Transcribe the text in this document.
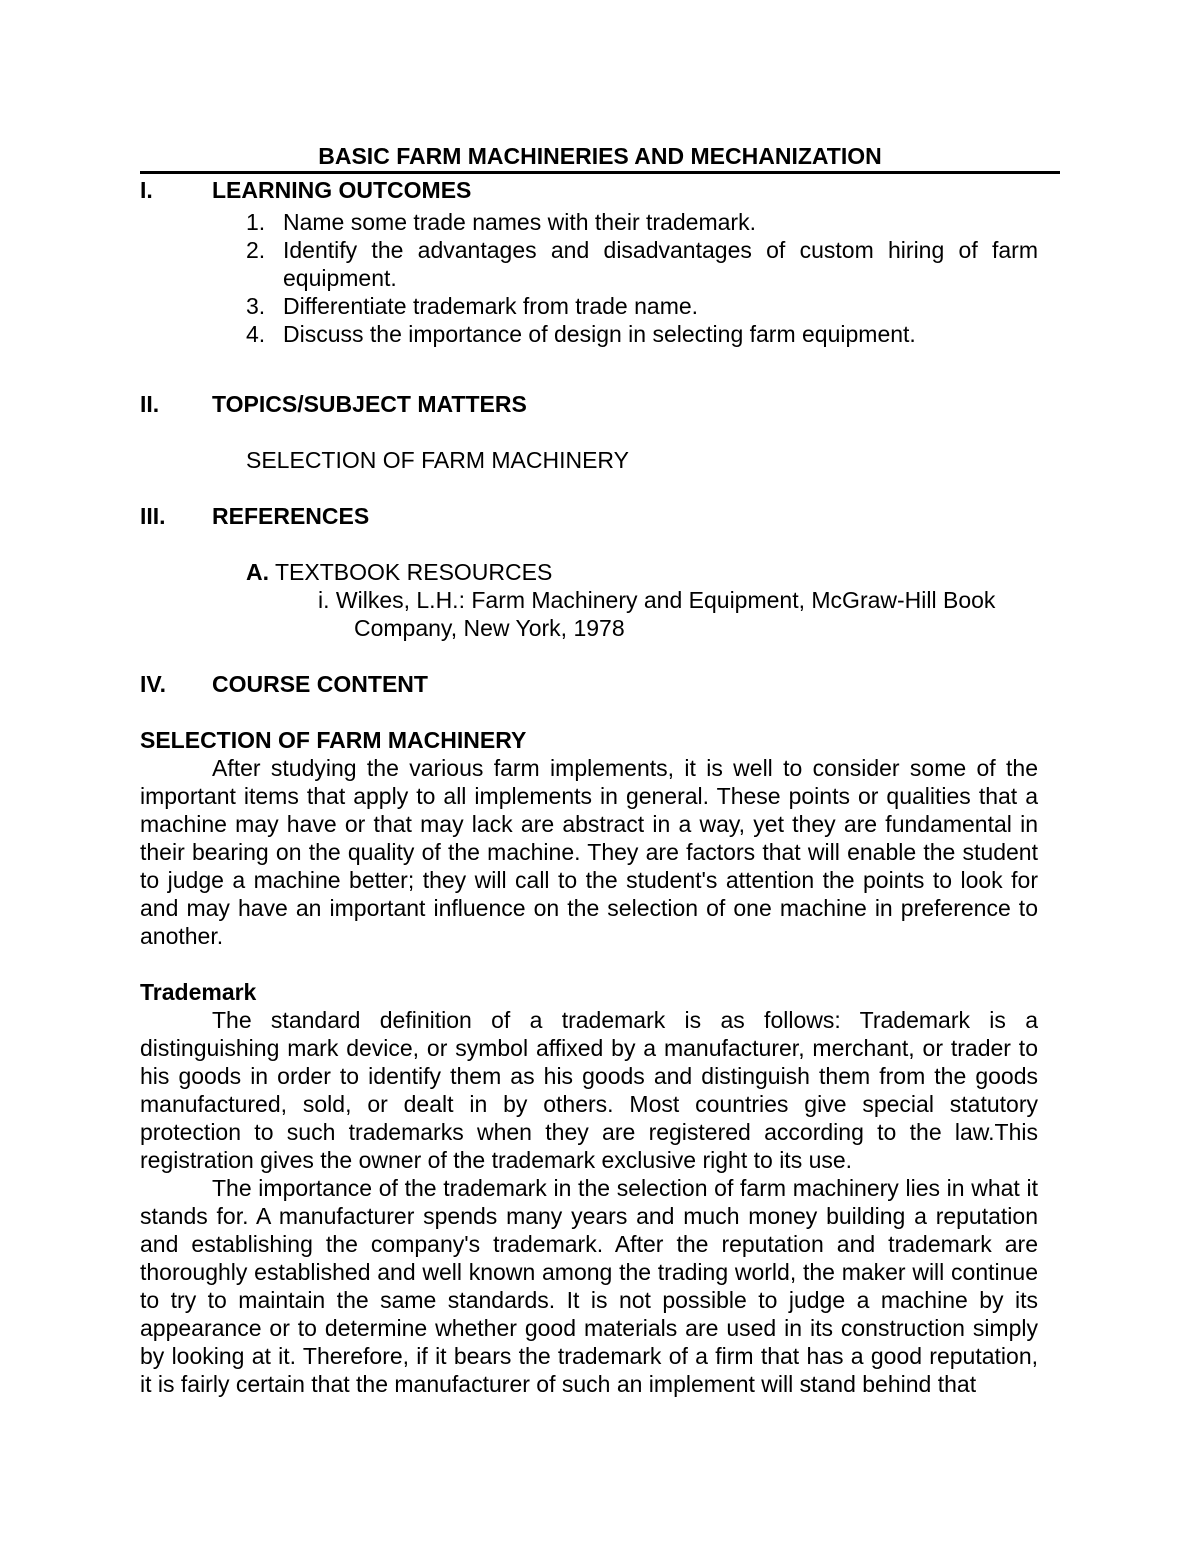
BASIC FARM MACHINERIES AND MECHANIZATION
I.	LEARNING OUTCOMES
1. Name some trade names with their trademark.
2. Identify the advantages and disadvantages of custom hiring of farm equipment.
3. Differentiate trademark from trade name.
4. Discuss the importance of design in selecting farm equipment.
II. TOPICS/SUBJECT MATTERS
SELECTION OF FARM MACHINERY
III. REFERENCES
A. TEXTBOOK RESOURCES
i. Wilkes, L.H.: Farm Machinery and Equipment, McGraw-Hill Book
Company, New York, 1978
IV. COURSE CONTENT
SELECTION OF FARM MACHINERY

After studying the various farm implements, it is well to consider some of the important items that apply to all implements in general. These points or qualities that a machine may have or that may lack are abstract in a way, yet they are fundamental in their bearing on the quality of the machine. They are factors that will enable the student to judge a machine better; they will call to the student's attention the points to look for and may have an important influence on the selection of one machine in preference to another.

Trademark

The standard definition of a trademark is as follows: Trademark is a distinguishing mark device, or symbol affixed by a manufacturer, merchant, or trader to his goods in order to identify them as his goods and distinguish them from the goods manufactured, sold, or dealt in by others. Most countries give special statutory protection to such trademarks when they are registered according to the law.This registration gives the owner of the trademark exclusive right to its use.

The importance of the trademark in the selection of farm machinery lies in what it stands for. A manufacturer spends many years and much money building a reputation and establishing the company's trademark. After the reputation and trademark are thoroughly established and well known among the trading world, the maker will continue to try to maintain the same standards. It is not possible to judge a machine by its appearance or to determine whether good materials are used in its construction simply by looking at it. Therefore, if it bears the trademark of a firm that has a good reputation, it is fairly certain that the manufacturer of such an implement will stand behind that
